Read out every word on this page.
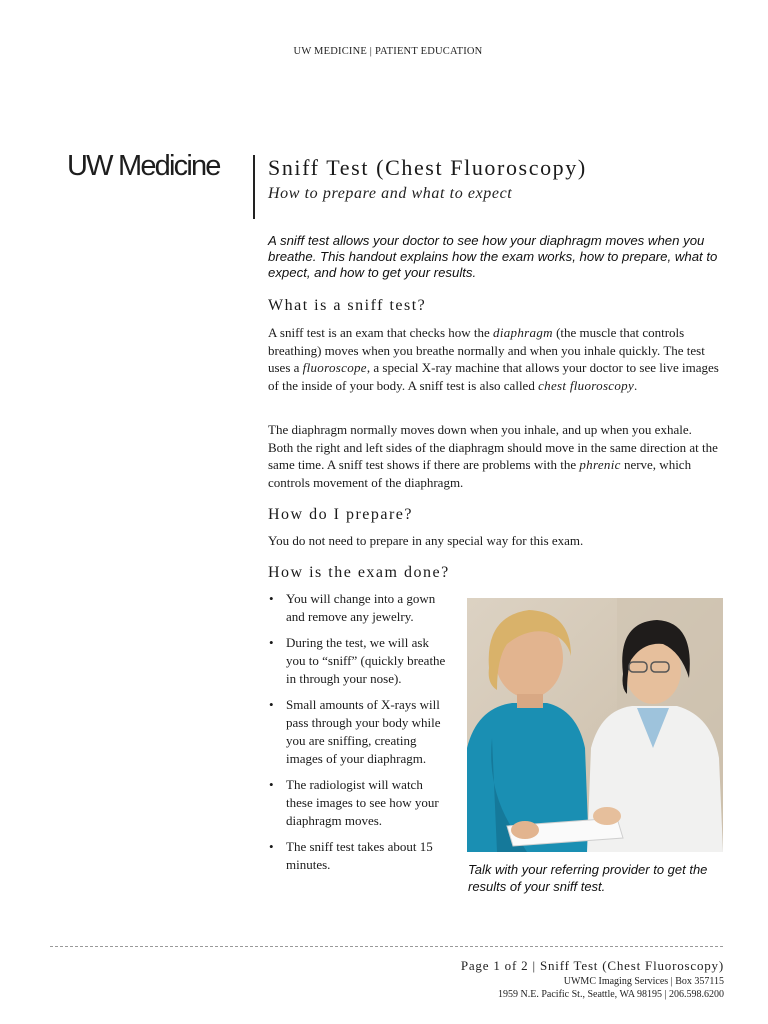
UW MEDICINE | PATIENT EDUCATION
UW Medicine Sniff Test (Chest Fluoroscopy)
How to prepare and what to expect
A sniff test allows your doctor to see how your diaphragm moves when you breathe. This handout explains how the exam works, how to prepare, what to expect, and how to get your results.
What is a sniff test?
A sniff test is an exam that checks how the diaphragm (the muscle that controls breathing) moves when you breathe normally and when you inhale quickly. The test uses a fluoroscope, a special X-ray machine that allows your doctor to see live images of the inside of your body. A sniff test is also called chest fluoroscopy.
The diaphragm normally moves down when you inhale, and up when you exhale. Both the right and left sides of the diaphragm should move in the same direction at the same time. A sniff test shows if there are problems with the phrenic nerve, which controls movement of the diaphragm.
How do I prepare?
You do not need to prepare in any special way for this exam.
How is the exam done?
• You will change into a gown and remove any jewelry.
• During the test, we will ask you to “sniff” (quickly breathe in through your nose).
• Small amounts of X-rays will pass through your body while you are sniffing, creating images of your diaphragm.
• The radiologist will watch these images to see how your diaphragm moves.
• The sniff test takes about 15 minutes.	Talk with your referring provider to get the results of your sniff test.
Page 1 of 2 | Sniff Test (Chest Fluoroscopy)
UWMC Imaging Services | Box 357115
1959 N.E. Pacific St., Seattle, WA 98195 | 206.598.6200
